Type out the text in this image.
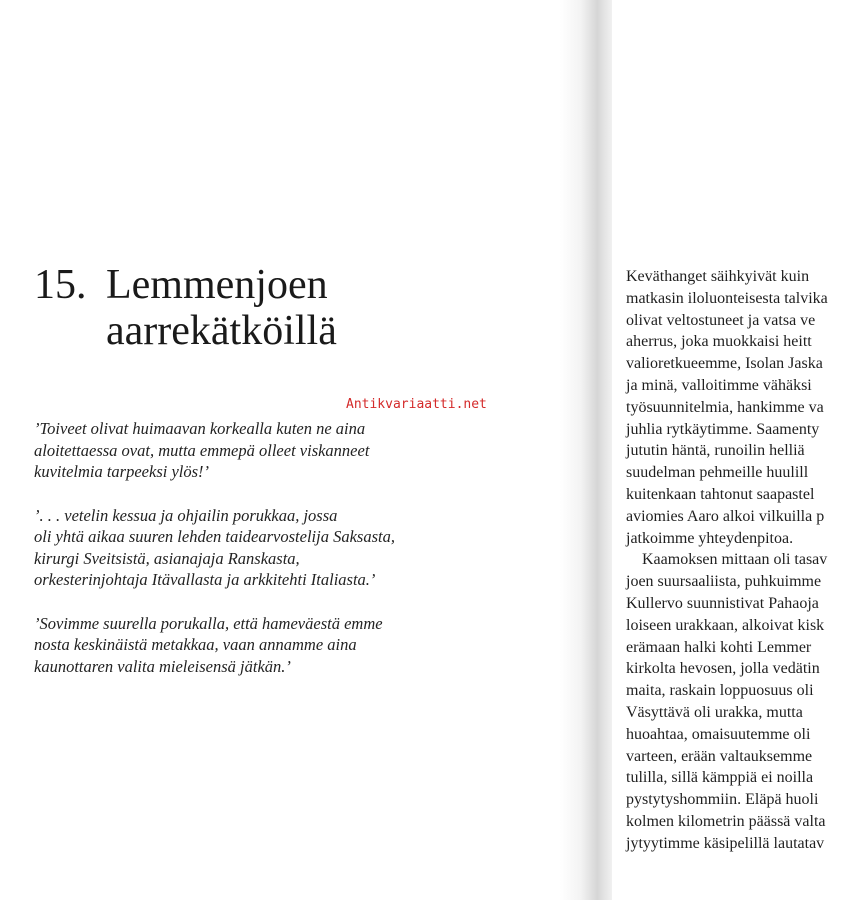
15. Lemmenjoen
aarrekätköillä
Antikvariaatti.net

’Toiveet olivat huimaavan korkealla kuten ne aina
aloitettaessa ovat, mutta emmepä olleet viskanneet
kuvitelmia tarpeeksi ylös!’

’. . . vetelin kessua ja ohjailin porukkaa, jossa
oli yhtä aikaa suuren lehden taidearvostelija Saksasta,
kirurgi Sveitsistä, asianajaja Ranskasta,
orkesterinjohtaja Itävallasta ja arkkitehti Italiasta.’

’Sovimme suurella porukalla, että hameväestä emme
nosta keskinäistä metakkaa, vaan annamme aina
kaunottaren valita mieleisensä jätkän.’

Keväthanget säihkyivät kuin
matkasin iloluonteisesta talvika
olivat veltostuneet ja vatsa ve
aherrus, joka muokkaisi heitt
valioretkueemme, Isolan Jaska
ja minä, valloitimme vähäksi
työsuunnitelmia, hankimme va
juhlia rytkäytimme. Saamenty
jututin häntä, runoilin helliä
suudelman pehmeille huulill
kuitenkaan tahtonut saapastel
aviomies Aaro alkoi vilkuilla p
jatkoimme yhteydenpitoa.

Kaamoksen mittaan oli tasav
joen suursaaliista, puhkuimme
Kullervo suunnistivat Pahaoja
loiseen urakkaan, alkoivat kisk
erämaan halki kohti Lemmer
kirkolta hevosen, jolla vedätin
maita, raskain loppuosuus oli
Väsyttävä oli urakka, mutta
huoahtaa, omaisuutemme oli
varteen, erään valtauksemme
tulilla, sillä kämppiä ei noilla
pystytyshommiin. Eläpä huoli
kolmen kilometrin päässä valta
jytyytimme käsipelillä lautatav
